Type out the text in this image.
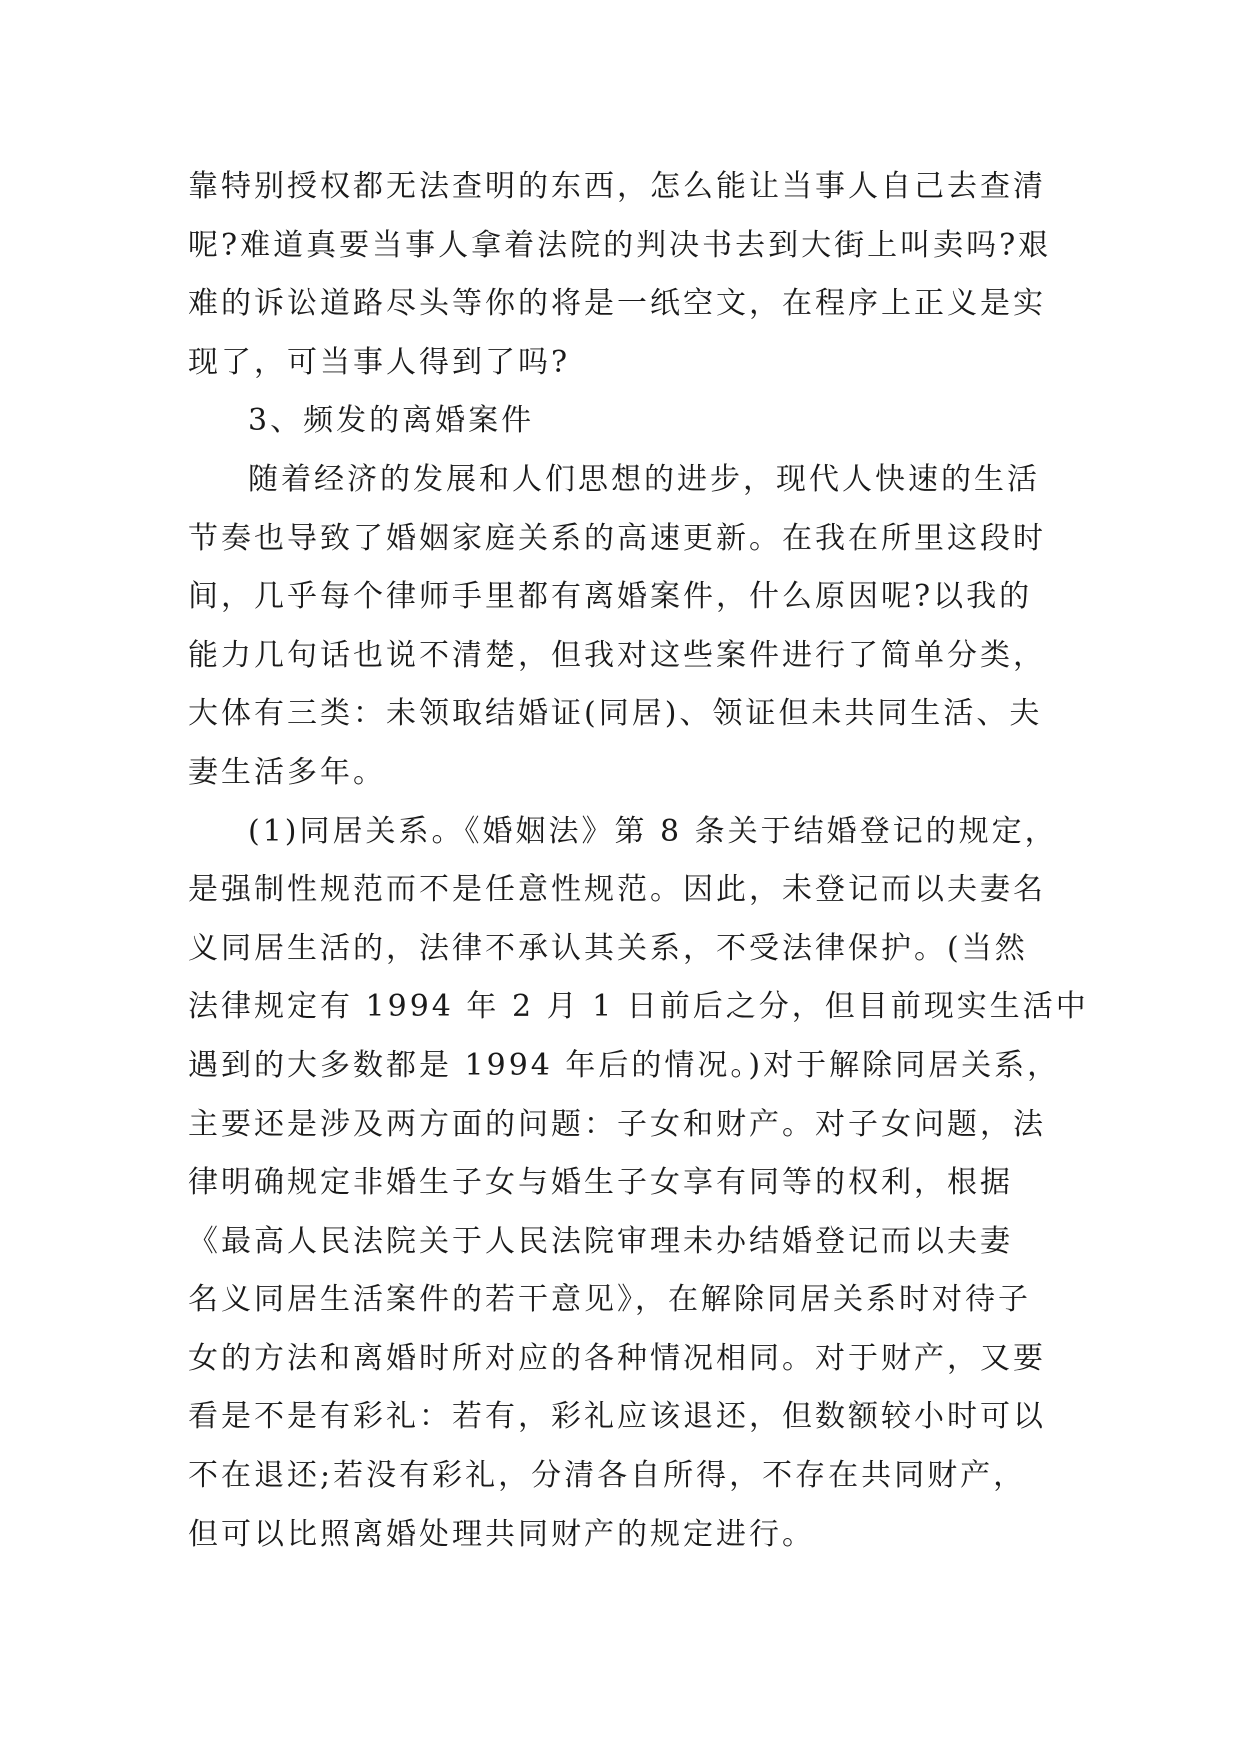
靠特别授权都无法查明的东西，怎么能让当事人自己去查清
呢?难道真要当事人拿着法院的判决书去到大街上叫卖吗?艰
难的诉讼道路尽头等你的将是一纸空文，在程序上正义是实
现了，可当事人得到了吗?
3、频发的离婚案件
随着经济的发展和人们思想的进步，现代人快速的生活
节奏也导致了婚姻家庭关系的高速更新。在我在所里这段时
间，几乎每个律师手里都有离婚案件，什么原因呢?以我的
能力几句话也说不清楚，但我对这些案件进行了简单分类，
大体有三类：未领取结婚证(同居)、领证但未共同生活、夫
妻生活多年。
(1)同居关系。《婚姻法》第 8 条关于结婚登记的规定，
是强制性规范而不是任意性规范。因此，未登记而以夫妻名
义同居生活的，法律不承认其关系，不受法律保护。(当然
法律规定有 1994 年 2 月 1 日前后之分，但目前现实生活中
遇到的大多数都是 1994 年后的情况。)对于解除同居关系，
主要还是涉及两方面的问题：子女和财产。对子女问题，法
律明确规定非婚生子女与婚生子女享有同等的权利，根据
《最高人民法院关于人民法院审理未办结婚登记而以夫妻
名义同居生活案件的若干意见》，在解除同居关系时对待子
女的方法和离婚时所对应的各种情况相同。对于财产，又要
看是不是有彩礼：若有，彩礼应该退还，但数额较小时可以
不在退还;若没有彩礼，分清各自所得，不存在共同财产，
但可以比照离婚处理共同财产的规定进行。
